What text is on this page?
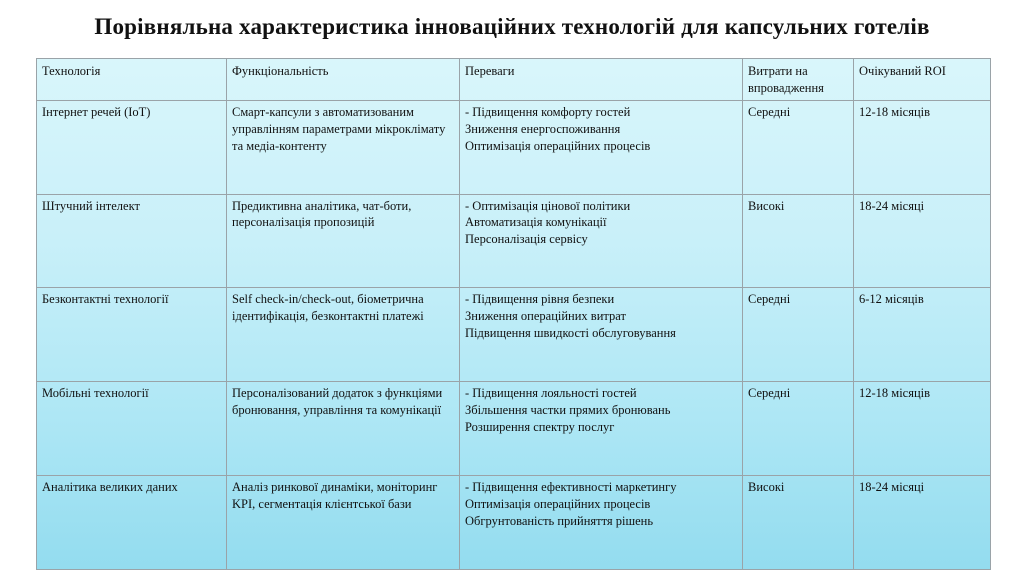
Порівняльна характеристика інноваційних технологій для капсульних готелів
Технологія	Функціональність	Переваги	Витрати на впровадження	Очікуваний ROI
Інтернет речей (IoT)	Смарт-капсули з автоматизованим управлінням параметрами мікроклімату та медіа-контенту	- Підвищення комфорту гостей
Зниження енергоспоживання
Оптимізація операційних процесів	Середні	12-18 місяців
Штучний інтелект	Предиктивна аналітика, чат-боти, персоналізація пропозицій	- Оптимізація цінової політики
Автоматизація комунікації
Персоналізація сервісу	Високі	18-24 місяці
Безконтактні технології	Self check-in/check-out, біометрична ідентифікація, безконтактні платежі	- Підвищення рівня безпеки
Зниження операційних витрат
Підвищення швидкості обслуговування	Середні	6-12 місяців
Мобільні технології	Персоналізований додаток з функціями бронювання, управління та комунікації	- Підвищення лояльності гостей
Збільшення частки прямих бронювань
Розширення спектру послуг	Середні	12-18 місяців
Аналітика великих даних	Аналіз ринкової динаміки, моніторинг KPI, сегментація клієнтської бази	- Підвищення ефективності маркетингу
Оптимізація операційних процесів
Обгрунтованість прийняття рішень	Високі	18-24 місяці
